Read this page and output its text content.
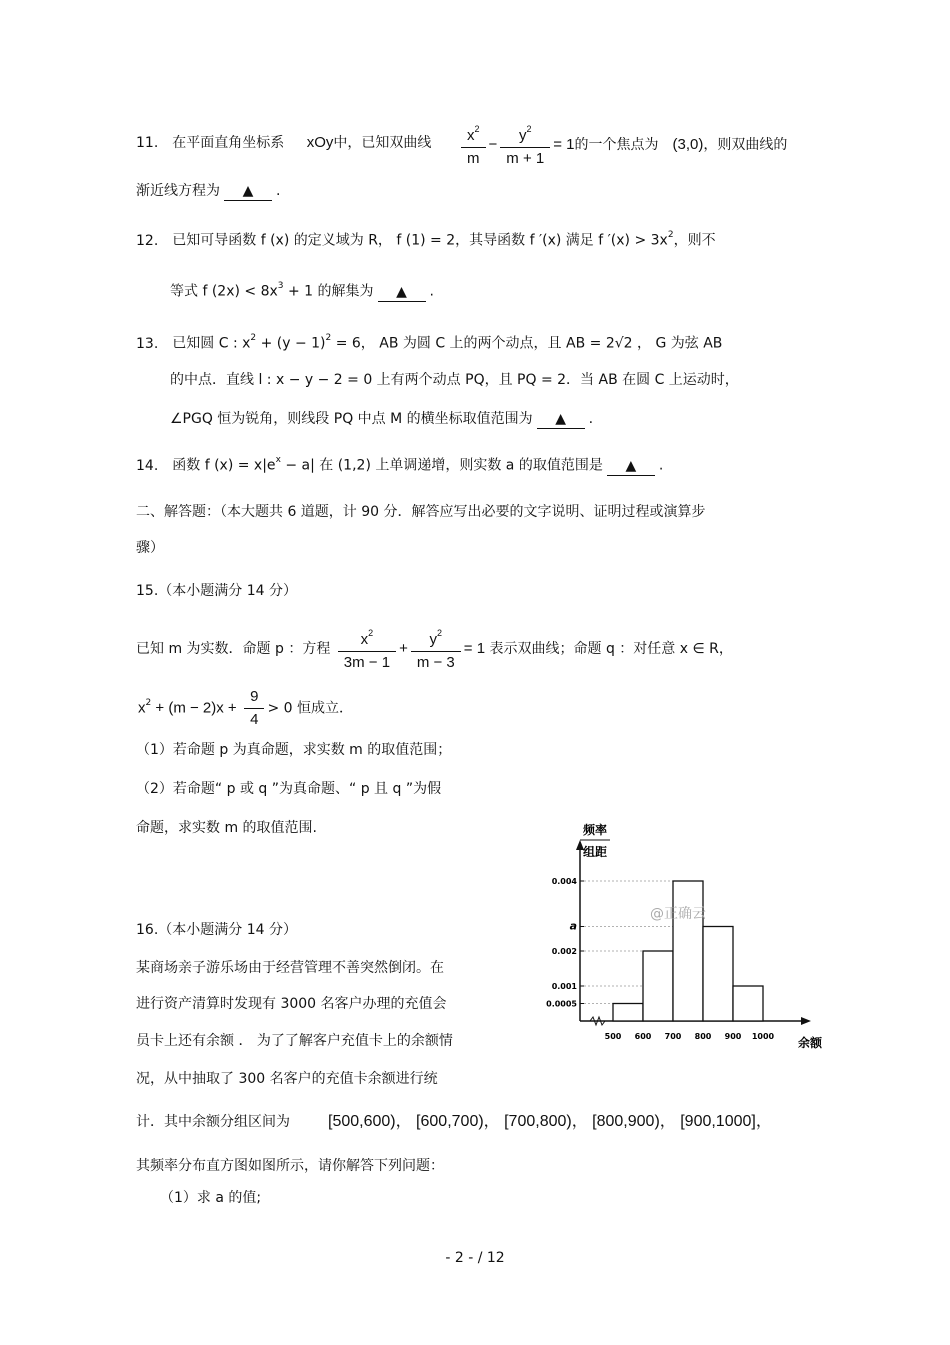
11. 在平面直角坐标系 xOy中，已知双曲线 $\frac{x^2}{m} - \frac{y^2}{m + 1} = 1$的一个焦点为 (3,0)，则双曲线的
渐近线方程为 ▲ .
12. 已知可导函数 f (x) 的定义域为 R， f (1) = 2，其导函数 f ′(x) 满足 f $'(x) > 3x^2$，则不
等式 f $(2x) < 8x^3 + 1$ 的解集为 ▲ .
13. 已知圆 C : $x^2 + (y - 1)^2 = 6$， AB 为圆 C 上的两个动点，且 AB = 2√2 ， G 为弦 AB
的中点．直线 l : x − y − 2 = 0 上有两个动点 PQ，且 PQ = 2．当 AB 在圆 C 上运动时，
∠PGQ 恒为锐角，则线段 PQ 中点 M 的横坐标取值范围为 ▲ .
14. 函数 f $(x) = x|e^x - a|$ 在 (1,2) 上单调递增，则实数 a 的取值范围是 ▲ .
二、解答题：（本大题共 6 道题，计 90 分．解答应写出必要的文字说明、证明过程或演算步
骤）
15.（本小题满分 14 分）
已知 m 为实数．命题 p ：方程 $\frac{x^2}{3m - 1} + \frac{y^2}{m - 3} = 1$ 表示双曲线；命题 q ：对任意 x ∈ R，
$x^2 + (m - 2)x + \frac{9}{4} > 0$ 恒成立．
（1）若命题 p 为真命题，求实数 m 的取值范围；
（2）若命题“ p 或 q ”为真命题、“ p 且 q ”为假
命题，求实数 m 的取值范围.
16.（本小题满分 14 分）
某商场亲子游乐场由于经营管理不善突然倒闭。在
进行资产清算时发现有 3000 名客户办理的充值会
员卡上还有余额 ． 为了了解客户充值卡上的余额情
况，从中抽取了 300 名客户的充值卡余额进行统
计．其中余额分组区间为 [500,600)， [600,700)， [700,800)， [800,900)， [900,1000]，
其频率分布直方图如图所示，请你解答下列问题：
（1）求 a 的值;
频率
组距
0.004
a
0.002
0.001
0.0005
500 600 700 800 900 1000 余额
@正确云
- 2 - / 12
